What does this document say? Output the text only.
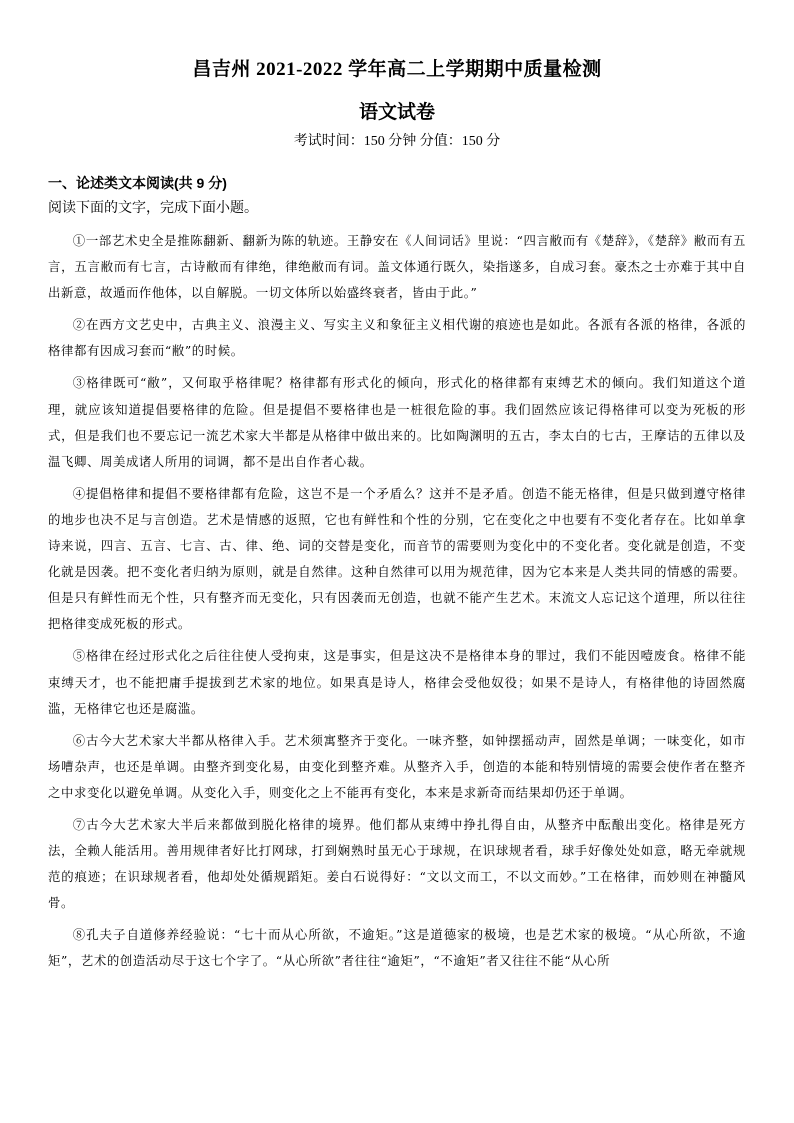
昌吉州 2021-2022 学年高二上学期期中质量检测
语文试卷
考试时间：150 分钟 分值：150 分
一、论述类文本阅读(共 9 分)
阅读下面的文字，完成下面小题。

①一部艺术史全是推陈翻新、翻新为陈的轨迹。王静安在《人间词话》里说：“四言敝而有《楚辞》，《楚辞》敝而有五言，五言敝而有七言，古诗敝而有律绝，律绝敝而有词。盖文体通行既久，染指遂多，自成习套。豪杰之士亦难于其中自出新意，故遁而作他体，以自解脱。一切文体所以始盛终衰者，皆由于此。”

②在西方文艺史中，古典主义、浪漫主义、写实主义和象征主义相代谢的痕迹也是如此。各派有各派的格律，各派的格律都有因成习套而“敝”的时候。

③格律既可“敝”，又何取乎格律呢？格律都有形式化的倾向，形式化的格律都有束缚艺术的倾向。我们知道这个道理，就应该知道提倡要格律的危险。但是提倡不要格律也是一桩很危险的事。我们固然应该记得格律可以变为死板的形式，但是我们也不要忘记一流艺术家大半都是从格律中做出来的。比如陶渊明的五古，李太白的七古，王摩诘的五律以及温飞卿、周美成诸人所用的词调，都不是出自作者心裁。

④提倡格律和提倡不要格律都有危险，这岂不是一个矛盾么？这并不是矛盾。创造不能无格律，但是只做到遵守格律的地步也决不足与言创造。艺术是情感的返照，它也有鲜性和个性的分别，它在变化之中也要有不变化者存在。比如单拿诗来说，四言、五言、七言、古、律、绝、词的交替是变化，而音节的需要则为变化中的不变化者。变化就是创造，不变化就是因袭。把不变化者归纳为原则，就是自然律。这种自然律可以用为规范律，因为它本来是人类共同的情感的需要。但是只有鲜性而无个性，只有整齐而无变化，只有因袭而无创造，也就不能产生艺术。末流文人忘记这个道理，所以往往把格律变成死板的形式。

⑤格律在经过形式化之后往往使人受拘束，这是事实，但是这决不是格律本身的罪过，我们不能因噎废食。格律不能束缚天才，也不能把庸手提拔到艺术家的地位。如果真是诗人，格律会受他奴役；如果不是诗人，有格律他的诗固然腐滥，无格律它也还是腐滥。

⑥古今大艺术家大半都从格律入手。艺术须寓整齐于变化。一味齐整，如钟摆摇动声，固然是单调；一味变化，如市场嘈杂声，也还是单调。由整齐到变化易，由变化到整齐难。从整齐入手，创造的本能和特别情境的需要会使作者在整齐之中求变化以避免单调。从变化入手，则变化之上不能再有变化，本来是求新奇而结果却仍还于单调。

⑦古今大艺术家大半后来都做到脱化格律的境界。他们都从束缚中挣扎得自由，从整齐中酝酿出变化。格律是死方法，全赖人能活用。善用规律者好比打网球，打到娴熟时虽无心于球规，在识球规者看，球手好像处处如意，略无牵就规范的痕迹；在识球规者看，他却处处循规蹈矩。姜白石说得好：“文以文而工，不以文而妙。”工在格律，而妙则在神髓风骨。

⑧孔夫子自道修养经验说：“七十而从心所欲，不逾矩。”这是道德家的极境，也是艺术家的极境。“从心所欲，不逾矩”，艺术的创造活动尽于这七个字了。“从心所欲”者往往“逾矩”，“不逾矩”者又往往不能“从心所
